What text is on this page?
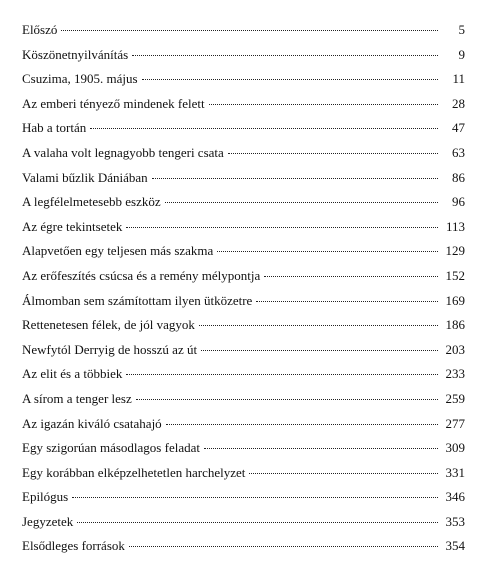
Előszó	5
Köszönetnyilvánítás	9
Csuzima, 1905. május	11
Az emberi tényező mindenek felett	28
Hab a tortán	47
A valaha volt legnagyobb tengeri csata	63
Valami bűzlik Dániában	86
A legfélelmetesebb eszköz	96
Az égre tekintsetek	113
Alapvetően egy teljesen más szakma	129
Az erőfeszítés csúcsa és a remény mélypontja	152
Álmomban sem számítottam ilyen ütközetre	169
Rettenetesen félek, de jól vagyok	186
Newfytól Derryig de hosszú az út	203
Az elit és a többiek	233
A sírom a tenger lesz	259
Az igazán kiváló csatahajó	277
Egy szigorúan másodlagos feladat	309
Egy korábban elképzelhetetlen harchelyzet	331
Epilógus	346
Jegyzetek	353
Elsődleges források	354
